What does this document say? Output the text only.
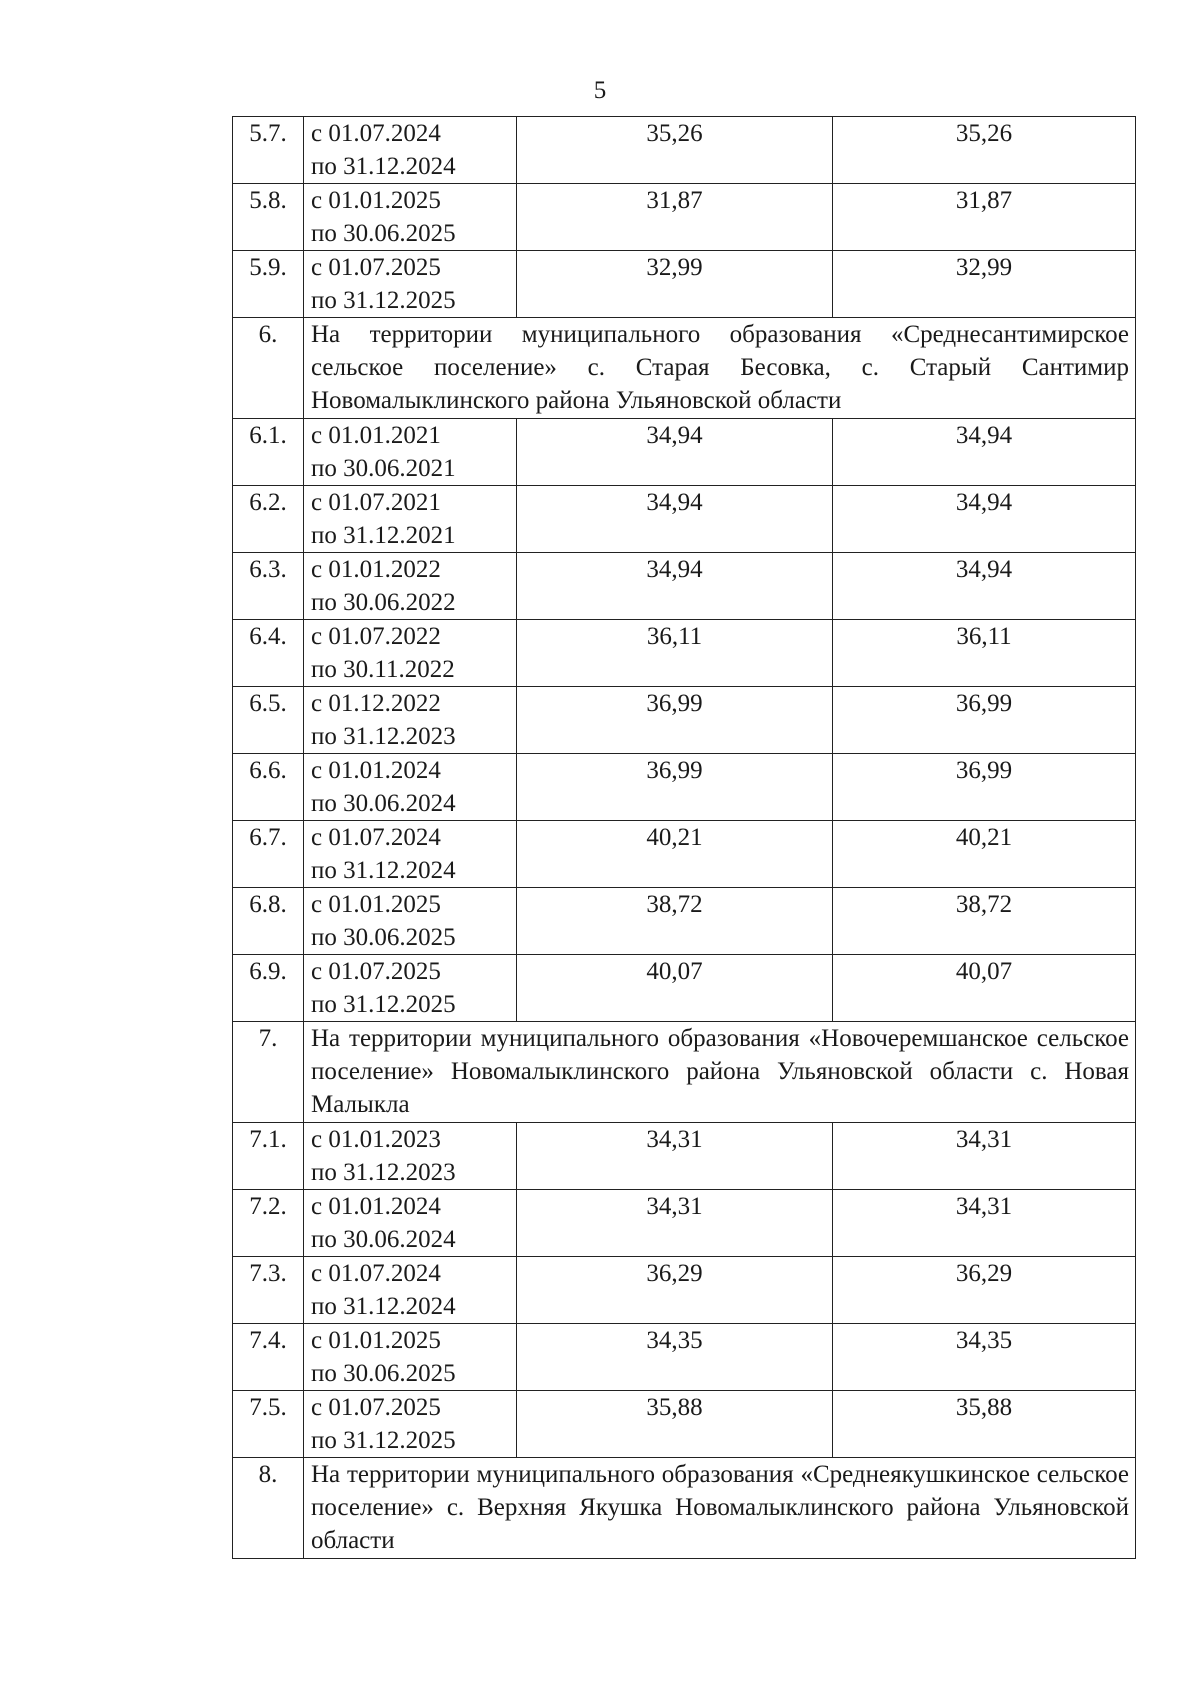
5
5.7.	с 01.07.2024
по 31.12.2024	35,26	35,26
5.8.	с 01.01.2025
по 30.06.2025	31,87	31,87
5.9.	с 01.07.2025
по 31.12.2025	32,99	32,99
6.	На территории муниципального образования «Среднесантимирское сельское поселение» с. Старая Бесовка, с. Старый Сантимир Новомалыклинского района Ульяновской области		
6.1.	с 01.01.2021
по 30.06.2021	34,94	34,94
6.2.	с 01.07.2021
по 31.12.2021	34,94	34,94
6.3.	с 01.01.2022
по 30.06.2022	34,94	34,94
6.4.	с 01.07.2022
по 30.11.2022	36,11	36,11
6.5.	с 01.12.2022
по 31.12.2023	36,99	36,99
6.6.	с 01.01.2024
по 30.06.2024	36,99	36,99
6.7.	с 01.07.2024
по 31.12.2024	40,21	40,21
6.8.	с 01.01.2025
по 30.06.2025	38,72	38,72
6.9.	с 01.07.2025
по 31.12.2025	40,07	40,07
7.	На территории муниципального образования «Новочеремшанское сельское поселение» Новомалыклинского района Ульяновской области с. Новая Малыкла		
7.1.	с 01.01.2023
по 31.12.2023	34,31	34,31
7.2.	с 01.01.2024
по 30.06.2024	34,31	34,31
7.3.	с 01.07.2024
по 31.12.2024	36,29	36,29
7.4.	с 01.01.2025
по 30.06.2025	34,35	34,35
7.5.	с 01.07.2025
по 31.12.2025	35,88	35,88
8.	На территории муниципального образования «Среднеякушкинское сельское поселение» с. Верхняя Якушка Новомалыклинского района Ульяновской области		
